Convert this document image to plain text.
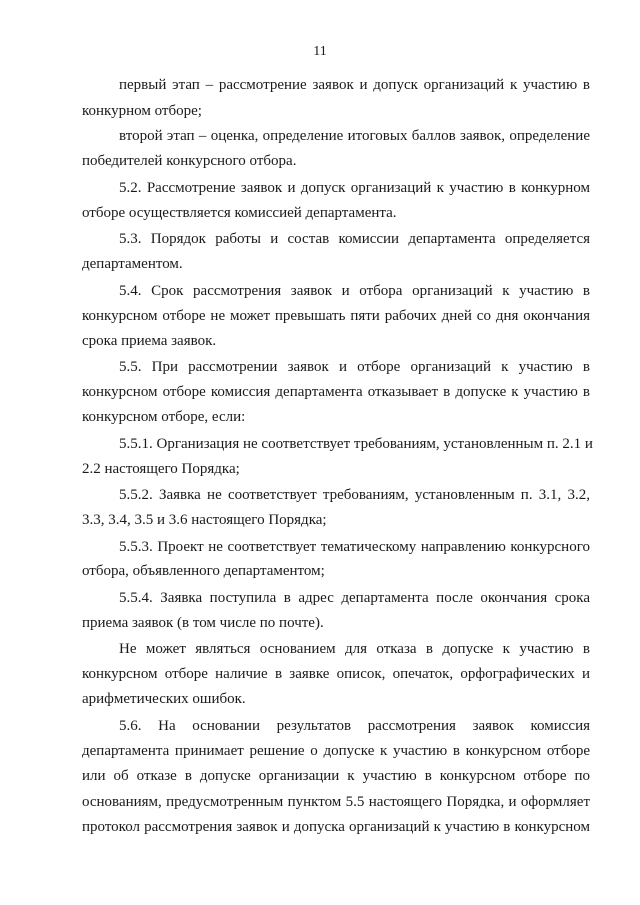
11
первый этап – рассмотрение заявок и допуск организаций к участию в
конкурном отборе;
второй этап – оценка, определение итоговых баллов заявок, определение
победителей конкурсного отбора.
5.2. Рассмотрение заявок и допуск организаций к участию в конкурном
отборе осуществляется комиссией департамента.
5.3. Порядок работы и состав комиссии департамента определяется
департаментом.
5.4. Срок рассмотрения заявок и отбора организаций к участию в
конкурсном отборе не может превышать пяти рабочих дней со дня окончания
срока приема заявок.
5.5. При рассмотрении заявок и отборе организаций к участию в
конкурсном отборе комиссия департамента отказывает в допуске к участию в
конкурсном отборе, если:
5.5.1. Организация не соответствует требованиям, установленным п. 2.1 и
2.2 настоящего Порядка;
5.5.2. Заявка не соответствует требованиям, установленным п. 3.1, 3.2,
3.3, 3.4, 3.5 и 3.6 настоящего Порядка;
5.5.3. Проект не соответствует тематическому направлению конкурсного
отбора, объявленного департаментом;
5.5.4. Заявка поступила в адрес департамента после окончания срока
приема заявок (в том числе по почте).
Не может являться основанием для отказа в допуске к участию в
конкурсном отборе наличие в заявке описок, опечаток, орфографических и
арифметических ошибок.
5.6. На основании результатов рассмотрения заявок комиссия
департамента принимает решение о допуске к участию в конкурсном отборе
или об отказе в допуске организации к участию в конкурсном отборе по
основаниям, предусмотренным пунктом 5.5 настоящего Порядка, и оформляет
протокол рассмотрения заявок и допуска организаций к участию в конкурсном
